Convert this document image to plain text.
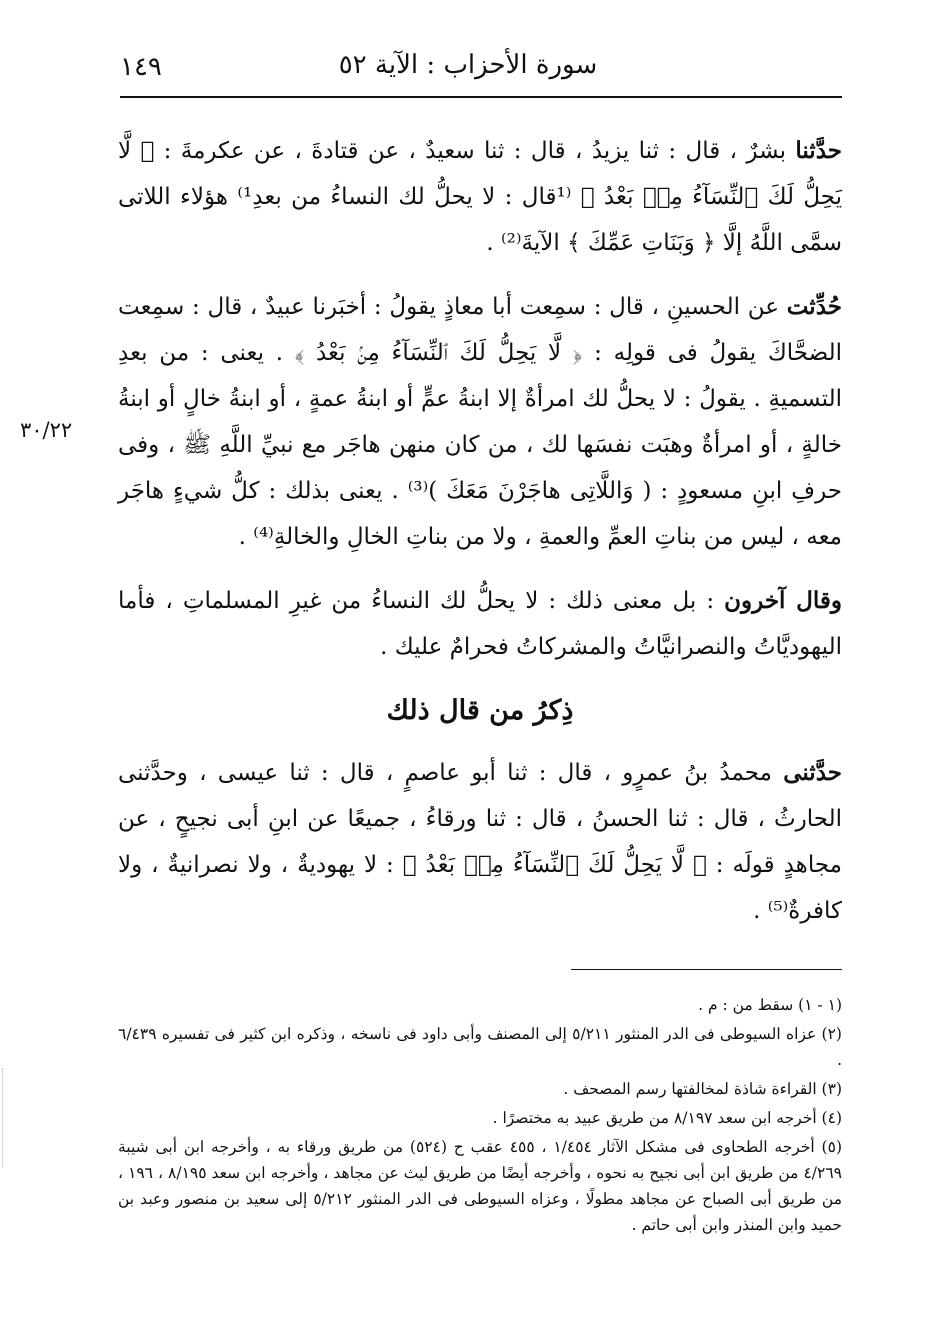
١٤٩	سورة الأحزاب : الآية ٥٢
٣٠/٢٢

حدَّثنا بشرٌ ، قال : ثنا يزيدُ ، قال : ثنا سعيدٌ ، عن قتادةَ ، عن عكرمةَ : ﴿ لَّا يَحِلُّ لَكَ ٱلنِّسَآءُ مِنۢ بَعْدُ ﴾ ⁽¹قال : لا يحلُّ لك النساءُ من بعدِ¹⁾ هؤلاء اللاتى سمَّى اللَّهُ إلَّا ﴿ وَبَنَاتِ عَمِّكَ ﴾ الآيةَ⁽²⁾ .

حُدِّثت عن الحسينِ ، قال : سمِعت أبا معاذٍ يقولُ : أخبَرنا عبيدٌ ، قال : سمِعت الضحَّاكَ يقولُ فى قولِه : ﴿ لَّا يَحِلُّ لَكَ ٱلنِّسَآءُ مِنۢ بَعْدُ ﴾ . يعنى : من بعدِ التسميةِ . يقولُ : لا يحلُّ لك امرأةٌ إلا ابنةُ عمٍّ أو ابنةُ عمةٍ ، أو ابنةُ خالٍ أو ابنةُ خالةٍ ، أو امرأةٌ وهبَت نفسَها لك ، من كان منهن هاجَر مع نبيِّ اللَّهِ ﷺ ، وفى حرفِ ابنِ مسعودٍ : ( وَاللَّاتِى هاجَرْنَ مَعَكَ )⁽³⁾ . يعنى بذلك : كلُّ شيءٍ هاجَر معه ، ليس من بناتِ العمِّ والعمةِ ، ولا من بناتِ الخالِ والخالةِ⁽⁴⁾ .

وقال آخرون : بل معنى ذلك : لا يحلُّ لك النساءُ من غيرِ المسلماتِ ، فأما اليهوديَّاتُ والنصرانيَّاتُ والمشركاتُ فحرامٌ عليك .

ذِكرُ من قال ذلك

حدَّثنى محمدُ بنُ عمرٍو ، قال : ثنا أبو عاصمٍ ، قال : ثنا عيسى ، وحدَّثنى الحارثُ ، قال : ثنا الحسنُ ، قال : ثنا ورقاءُ ، جميعًا عن ابنِ أبى نجيحٍ ، عن مجاهدٍ قولَه : ﴿ لَّا يَحِلُّ لَكَ ٱلنِّسَآءُ مِنۢ بَعْدُ ﴾ : لا يهوديةٌ ، ولا نصرانيةٌ ، ولا كافرةٌ⁽⁵⁾ .

(١ - ١) سقط من : م .
(٢) عزاه السيوطى فى الدر المنثور ٥/٢١١ إلى المصنف وأبى داود فى ناسخه ، وذكره ابن كثير فى تفسيره ٦/٤٣٩ .
(٣) القراءة شاذة لمخالفتها رسم المصحف .
(٤) أخرجه ابن سعد ٨/١٩٧ من طريق عبيد به مختصرًا .
(٥) أخرجه الطحاوى فى مشكل الآثار ١/٤٥٤ ، ٤٥٥ عقب ح (٥٢٤) من طريق ورقاء به ، وأخرجه ابن أبى شيبة ٤/٢٦٩ من طريق ابن أبى نجيح به نحوه ، وأخرجه أيضًا من طريق ليث عن مجاهد ، وأخرجه ابن سعد ٨/١٩٥ ، ١٩٦ ، من طريق أبى الصباح عن مجاهد مطولًا ، وعزاه السيوطى فى الدر المنثور ٥/٢١٢ إلى سعيد بن منصور وعبد بن حميد وابن المنذر وابن أبى حاتم .
